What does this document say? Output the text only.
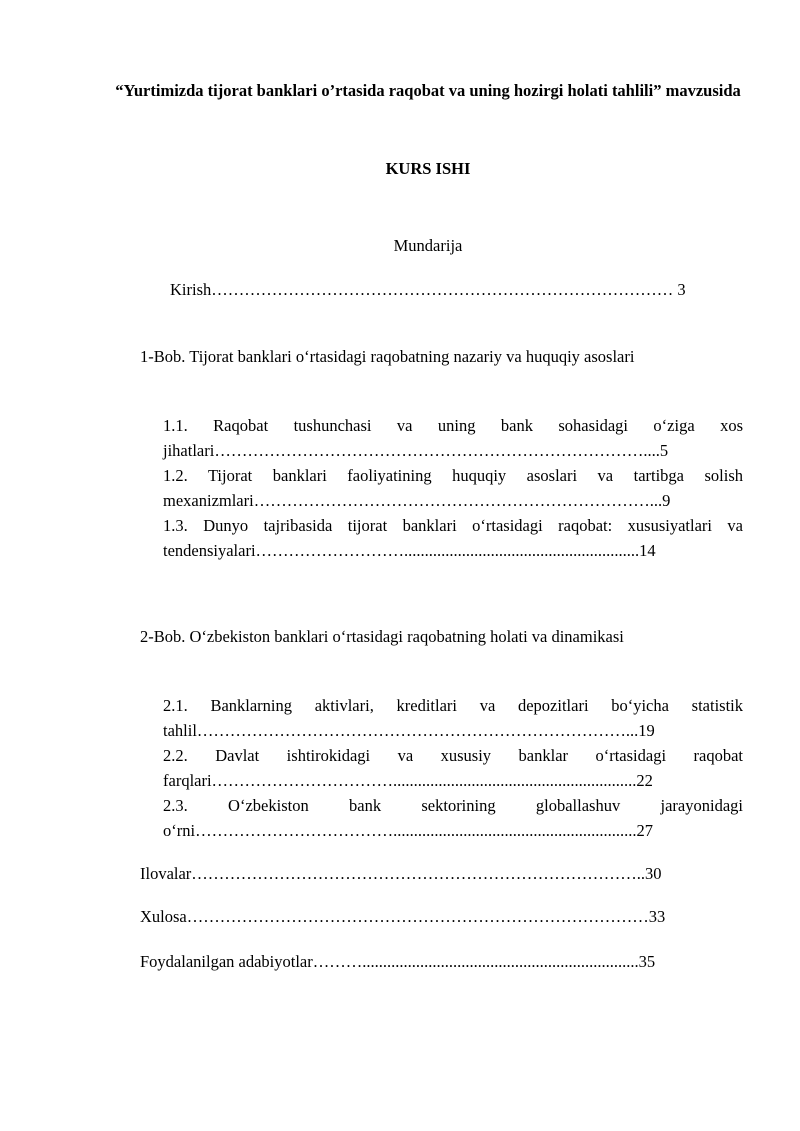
“Yurtimizda tijorat banklari o’rtasida raqobat va uning hozirgi holati tahlili” mavzusida
KURS ISHI
Mundarija

Kirish………………………………………………………………………… 3

1-Bob. Tijorat banklari o‘rtasidagi raqobatning nazariy va huquqiy asoslari

1.1. Raqobat tushunchasi va uning bank sohasidagi o‘ziga xos jihatlari……………………………………………………………………....5

1.2. Tijorat banklari faoliyatining huquqiy asoslari va tartibga solish mexanizmlari………………………………………………………………...9

1.3. Dunyo tajribasida tijorat banklari o‘rtasidagi raqobat: xususiyatlari va tendensiyalari……………………….........................................................14

2-Bob. O‘zbekiston banklari o‘rtasidagi raqobatning holati va dinamikasi

2.1. Banklarning aktivlari, kreditlari va depozitlari bo‘yicha statistik tahlil……………………………………………………………………...19

2.2. Davlat ishtirokidagi va xususiy banklar o‘rtasidagi raqobat farqlari……………………………...........................................................22

2.3. O‘zbekiston bank sektorining globallashuv jarayonidagi o‘rni………………………………...........................................................27

Ilovalar………………………………………………………………………..30

Xulosa…………………………………………………………………………33

Foydalanilgan adabiyotlar………...................................................................35
